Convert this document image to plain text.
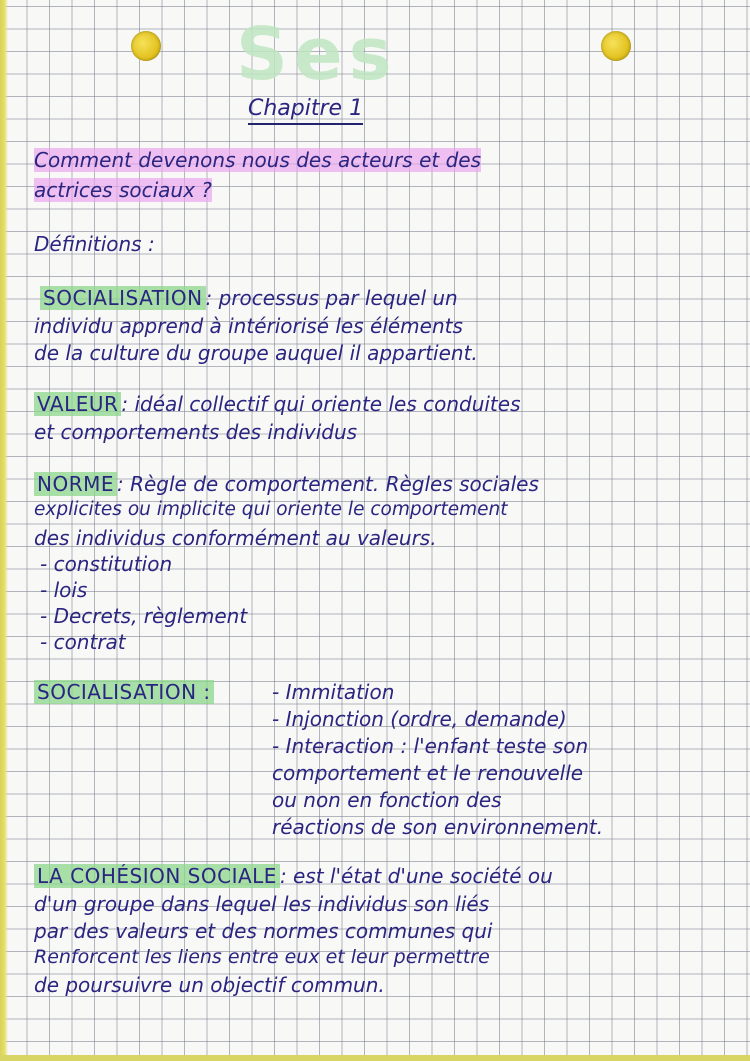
Ses
Chapitre 1
Comment devenons nous des acteurs et des
actrices sociaux ?
Définitions :
SOCIALISATION : processus par lequel un
individu apprend à intériorisé les éléments
de la culture du groupe auquel il appartient.
VALEUR : idéal collectif qui oriente les conduites
et comportements des individus
NORME : Règle de comportement. Règles sociales
explicites ou implicite qui oriente le comportement
des individus conformément au valeurs.
- constitution
- lois
- Decrets, règlement
- contrat
SOCIALISATION :	- Immitation
- Injonction (ordre, demande)
- Interaction : l'enfant teste son
comportement et le renouvelle
ou non en fonction des
réactions de son environnement.
LA COHÉSION SOCIALE : est l'état d'une société ou
d'un groupe dans lequel les individus son liés
par des valeurs et des normes communes qui
Renforcent les liens entre eux et leur permettre
de poursuivre un objectif commun.
